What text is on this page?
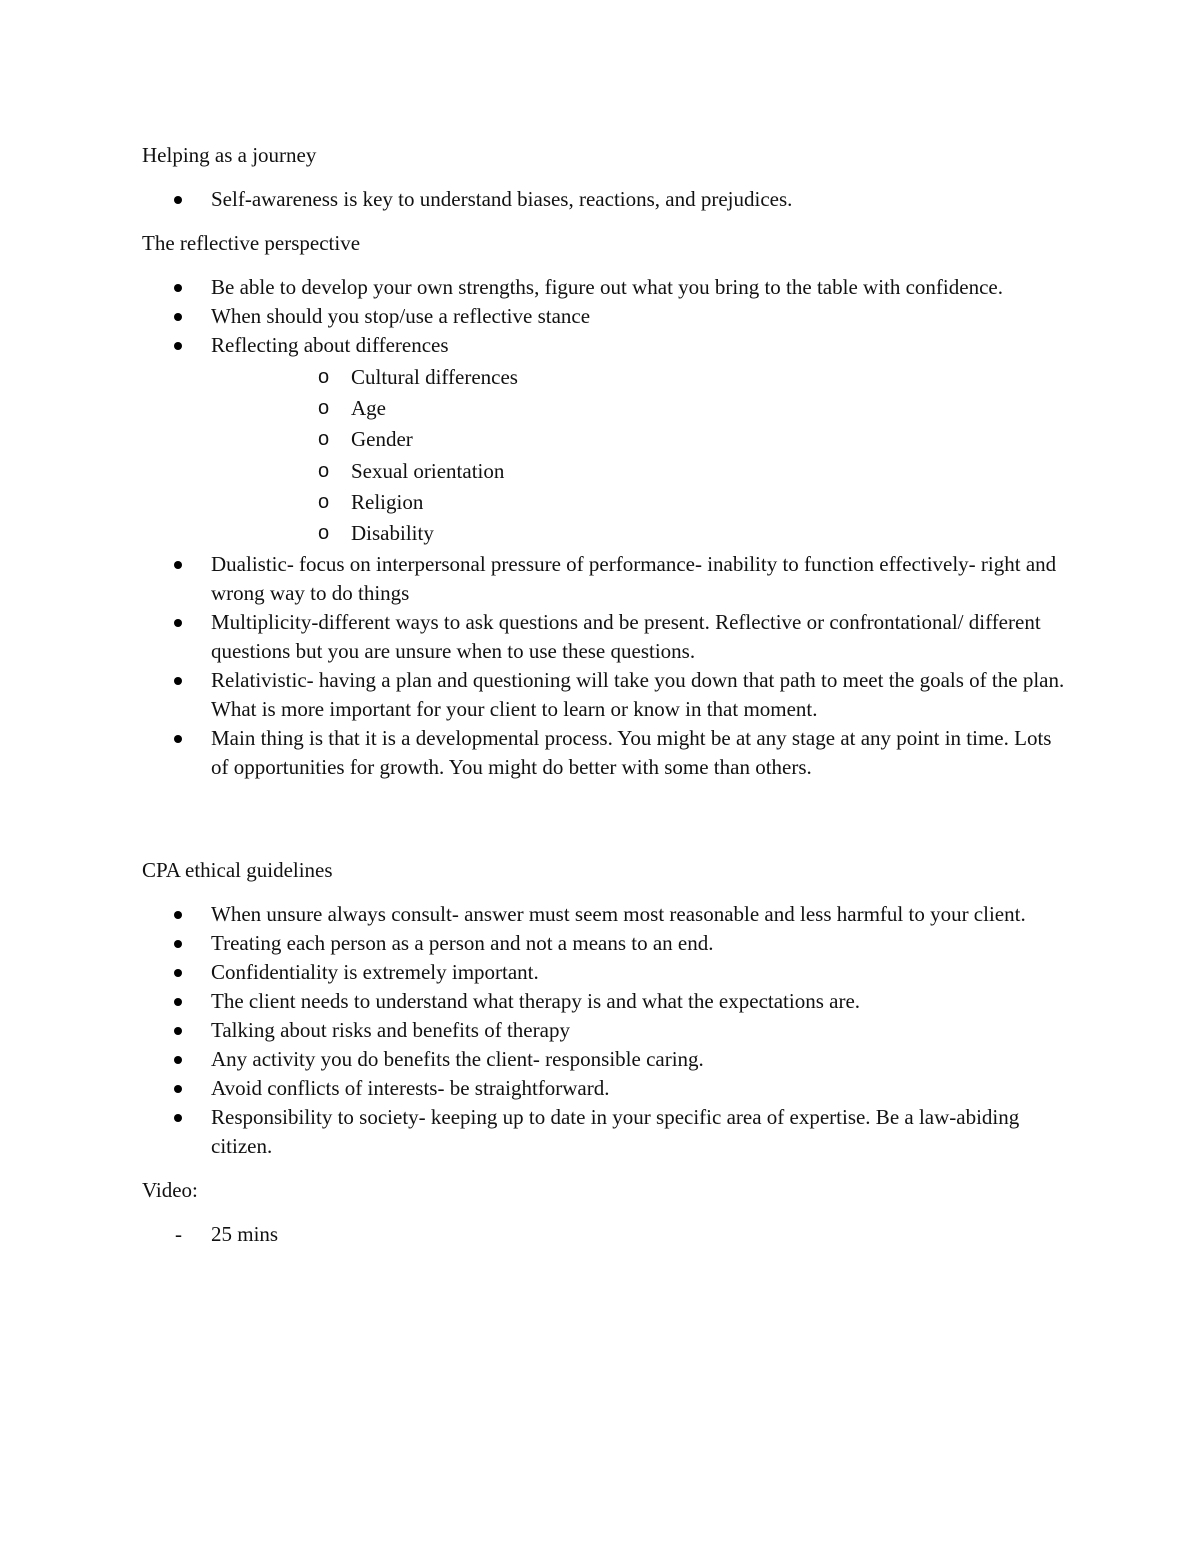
Helping as a journey

Self-awareness is key to understand biases, reactions, and prejudices.

The reflective perspective

Be able to develop your own strengths, figure out what you bring to the table with confidence.
When should you stop/use a reflective stance
Reflecting about differences
o Cultural differences
o Age
o Gender
o Sexual orientation
o Religion
o Disability
Dualistic- focus on interpersonal pressure of performance- inability to function effectively- right and wrong way to do things
Multiplicity-different ways to ask questions and be present. Reflective or confrontational/ different questions but you are unsure when to use these questions.
Relativistic- having a plan and questioning will take you down that path to meet the goals of the plan. What is more important for your client to learn or know in that moment.
Main thing is that it is a developmental process. You might be at any stage at any point in time. Lots of opportunities for growth. You might do better with some than others.

CPA ethical guidelines

When unsure always consult- answer must seem most reasonable and less harmful to your client.
Treating each person as a person and not a means to an end.
Confidentiality is extremely important.
The client needs to understand what therapy is and what the expectations are.
Talking about risks and benefits of therapy
Any activity you do benefits the client- responsible caring.
Avoid conflicts of interests- be straightforward.
Responsibility to society- keeping up to date in your specific area of expertise. Be a law-abiding citizen.

Video:

- 25 mins
